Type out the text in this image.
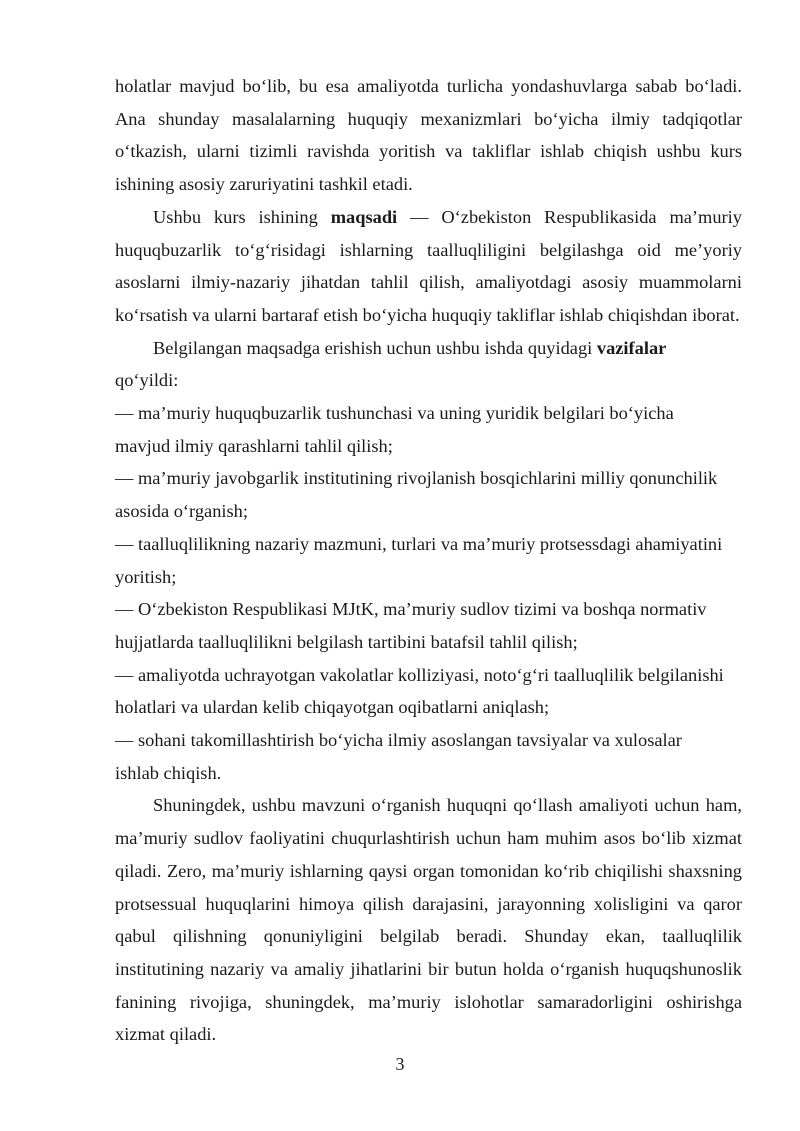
holatlar mavjud bo‘lib, bu esa amaliyotda turlicha yondashuvlarga sabab bo‘ladi. Ana shunday masalalarning huquqiy mexanizmlari bo‘yicha ilmiy tadqiqotlar o‘tkazish, ularni tizimli ravishda yoritish va takliflar ishlab chiqish ushbu kurs ishining asosiy zaruriyatini tashkil etadi.

Ushbu kurs ishining maqsadi — O‘zbekiston Respublikasida ma’muriy huquqbuzarlik to‘g‘risidagi ishlarning taalluqliligini belgilashga oid me’yoriy asoslarni ilmiy-nazariy jihatdan tahlil qilish, amaliyotdagi asosiy muammolarni ko‘rsatish va ularni bartaraf etish bo‘yicha huquqiy takliflar ishlab chiqishdan iborat.

Belgilangan maqsadga erishish uchun ushbu ishda quyidagi vazifalar

qo‘yildi:

— ma’muriy huquqbuzarlik tushunchasi va uning yuridik belgilari bo‘yicha
mavjud ilmiy qarashlarni tahlil qilish;
— ma’muriy javobgarlik institutining rivojlanish bosqichlarini milliy qonunchilik
asosida o‘rganish;
— taalluqlilikning nazariy mazmuni, turlari va ma’muriy protsessdagi ahamiyatini
yoritish;
— O‘zbekiston Respublikasi MJtK, ma’muriy sudlov tizimi va boshqa normativ
hujjatlarda taalluqlilikni belgilash tartibini batafsil tahlil qilish;
— amaliyotda uchrayotgan vakolatlar kolliziyasi, noto‘g‘ri taalluqlilik belgilanishi
holatlari va ulardan kelib chiqayotgan oqibatlarni aniqlash;
— sohani takomillashtirish bo‘yicha ilmiy asoslangan tavsiyalar va xulosalar
ishlab chiqish.

Shuningdek, ushbu mavzuni o‘rganish huquqni qo‘llash amaliyoti uchun ham, ma’muriy sudlov faoliyatini chuqurlashtirish uchun ham muhim asos bo‘lib xizmat qiladi. Zero, ma’muriy ishlarning qaysi organ tomonidan ko‘rib chiqilishi shaxsning protsessual huquqlarini himoya qilish darajasini, jarayonning xolisligini va qaror qabul qilishning qonuniyligini belgilab beradi. Shunday ekan, taalluqlilik institutining nazariy va amaliy jihatlarini bir butun holda o‘rganish huquqshunoslik fanining rivojiga, shuningdek, ma’muriy islohotlar samaradorligini oshirishga xizmat qiladi.

3
